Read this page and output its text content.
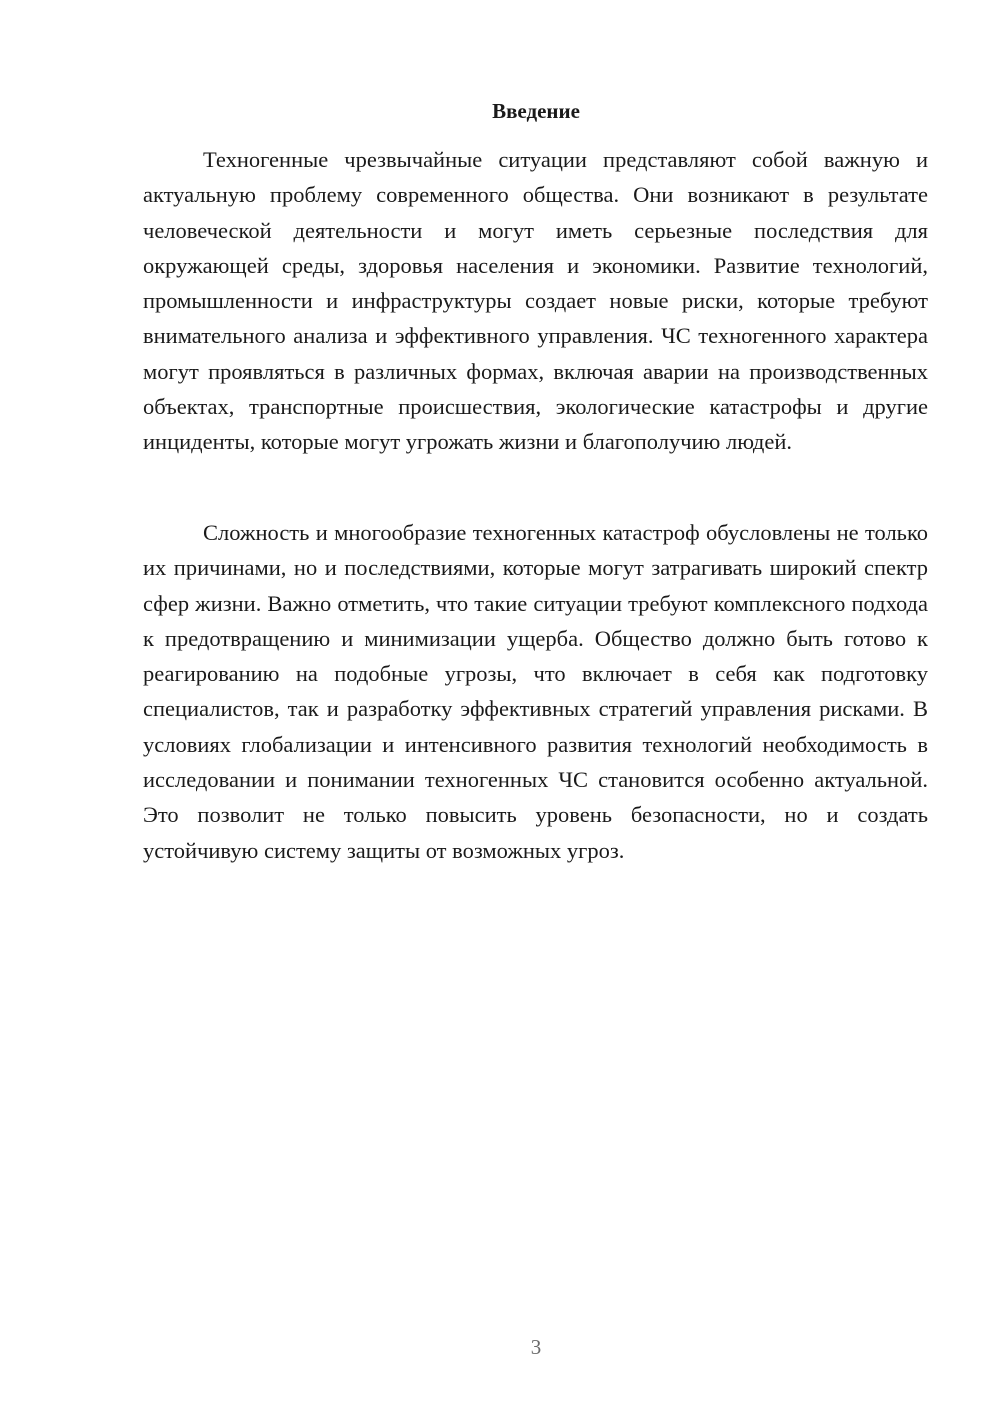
Введение

Техногенные чрезвычайные ситуации представляют собой важную и актуальную проблему современного общества. Они возникают в результате человеческой деятельности и могут иметь серьезные последствия для окружающей среды, здоровья населения и экономики. Развитие технологий, промышленности и инфраструктуры создает новые риски, которые требуют внимательного анализа и эффективного управления. ЧС техногенного характера могут проявляться в различных формах, включая аварии на производственных объектах, транспортные происшествия, экологические катастрофы и другие инциденты, которые могут угрожать жизни и благополучию людей.

Сложность и многообразие техногенных катастроф обусловлены не только их причинами, но и последствиями, которые могут затрагивать широкий спектр сфер жизни. Важно отметить, что такие ситуации требуют комплексного подхода к предотвращению и минимизации ущерба. Общество должно быть готово к реагированию на подобные угрозы, что включает в себя как подготовку специалистов, так и разработку эффективных стратегий управления рисками. В условиях глобализации и интенсивного развития технологий необходимость в исследовании и понимании техногенных ЧС становится особенно актуальной. Это позволит не только повысить уровень безопасности, но и создать устойчивую систему защиты от возможных угроз.

3
